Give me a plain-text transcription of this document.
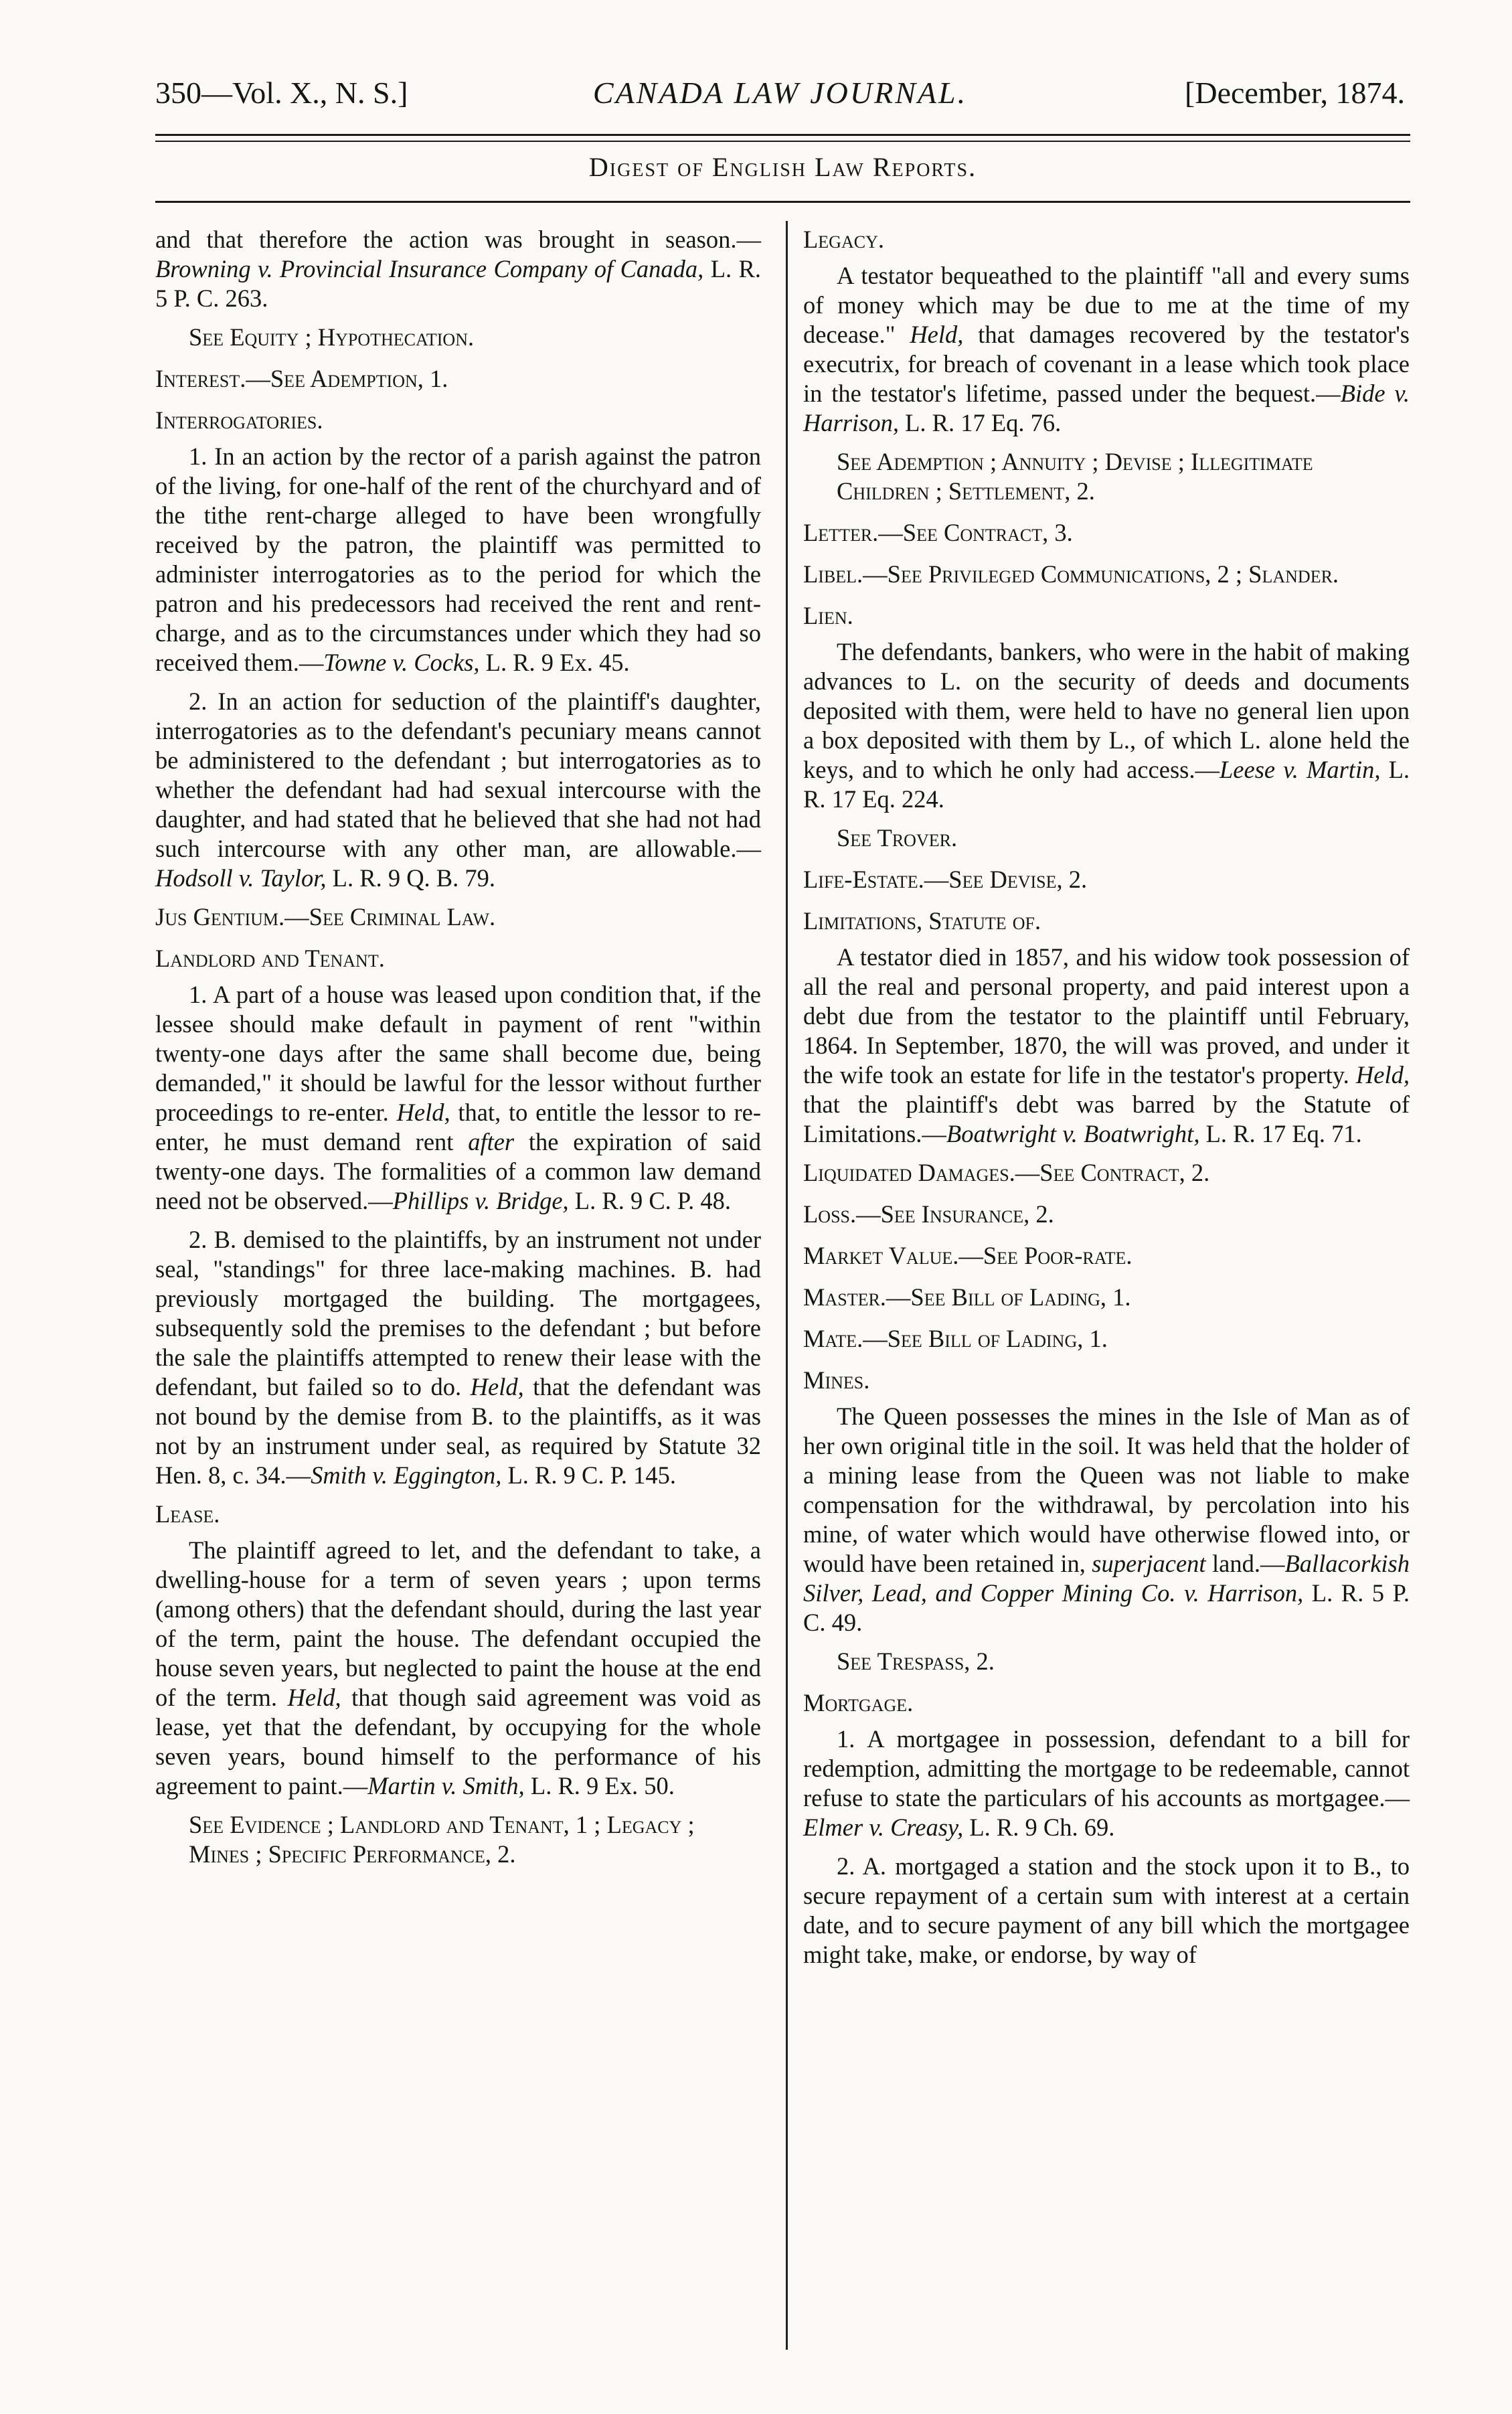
350—Vol. X., N. S.]	CANADA LAW JOURNAL.	[December, 1874.
Digest of English Law Reports.

and that therefore the action was brought in season.—Browning v. Provincial Insurance Company of Canada, L. R. 5 P. C. 263.

See Equity ; Hypothecation.

Interest.—See Ademption, 1.

Interrogatories.

1. In an action by the rector of a parish against the patron of the living, for one-half of the rent of the churchyard and of the tithe rent-charge alleged to have been wrongfully received by the patron, the plaintiff was permitted to administer interrogatories as to the period for which the patron and his predecessors had received the rent and rent-charge, and as to the circumstances under which they had so received them.—Towne v. Cocks, L. R. 9 Ex. 45.

2. In an action for seduction of the plaintiff's daughter, interrogatories as to the defendant's pecuniary means cannot be administered to the defendant ; but interrogatories as to whether the defendant had had sexual intercourse with the daughter, and had stated that he believed that she had not had such intercourse with any other man, are allowable.—Hodsoll v. Taylor, L. R. 9 Q. B. 79.

Jus Gentium.—See Criminal Law.

Landlord and Tenant.

1. A part of a house was leased upon condition that, if the lessee should make default in payment of rent "within twenty-one days after the same shall become due, being demanded," it should be lawful for the lessor without further proceedings to re-enter. Held, that, to entitle the lessor to re-enter, he must demand rent after the expiration of said twenty-one days. The formalities of a common law demand need not be observed.—Phillips v. Bridge, L. R. 9 C. P. 48.

2. B. demised to the plaintiffs, by an instrument not under seal, "standings" for three lace-making machines. B. had previously mortgaged the building. The mortgagees, subsequently sold the premises to the defendant ; but before the sale the plaintiffs attempted to renew their lease with the defendant, but failed so to do. Held, that the defendant was not bound by the demise from B. to the plaintiffs, as it was not by an instrument under seal, as required by Statute 32 Hen. 8, c. 34.—Smith v. Eggington, L. R. 9 C. P. 145.

Lease.

The plaintiff agreed to let, and the defendant to take, a dwelling-house for a term of seven years ; upon terms (among others) that the defendant should, during the last year of the term, paint the house. The defendant occupied the house seven years, but neglected to paint the house at the end of the term. Held, that though said agreement was void as lease, yet that the defendant, by occupying for the whole seven years, bound himself to the performance of his agreement to paint.—Martin v. Smith, L. R. 9 Ex. 50.

See Evidence ; Landlord and Tenant, 1 ; Legacy ; Mines ; Specific Performance, 2.

Legacy.

A testator bequeathed to the plaintiff "all and every sums of money which may be due to me at the time of my decease." Held, that damages recovered by the testator's executrix, for breach of covenant in a lease which took place in the testator's lifetime, passed under the bequest.—Bide v. Harrison, L. R. 17 Eq. 76.

See Ademption ; Annuity ; Devise ; Illegitimate Children ; Settlement, 2.

Letter.—See Contract, 3.

Libel.—See Privileged Communications, 2 ; Slander.

Lien.

The defendants, bankers, who were in the habit of making advances to L. on the security of deeds and documents deposited with them, were held to have no general lien upon a box deposited with them by L., of which L. alone held the keys, and to which he only had access.—Leese v. Martin, L. R. 17 Eq. 224.

See Trover.

Life-Estate.—See Devise, 2.

Limitations, Statute of.

A testator died in 1857, and his widow took possession of all the real and personal property, and paid interest upon a debt due from the testator to the plaintiff until February, 1864. In September, 1870, the will was proved, and under it the wife took an estate for life in the testator's property. Held, that the plaintiff's debt was barred by the Statute of Limitations.—Boatwright v. Boatwright, L. R. 17 Eq. 71.

Liquidated Damages.—See Contract, 2.

Loss.—See Insurance, 2.

Market Value.—See Poor-rate.

Master.—See Bill of Lading, 1.

Mate.—See Bill of Lading, 1.

Mines.

The Queen possesses the mines in the Isle of Man as of her own original title in the soil. It was held that the holder of a mining lease from the Queen was not liable to make compensation for the withdrawal, by percolation into his mine, of water which would have otherwise flowed into, or would have been retained in, superjacent land.—Ballacorkish Silver, Lead, and Copper Mining Co. v. Harrison, L. R. 5 P. C. 49.

See Trespass, 2.

Mortgage.

1. A mortgagee in possession, defendant to a bill for redemption, admitting the mortgage to be redeemable, cannot refuse to state the particulars of his accounts as mortgagee.—Elmer v. Creasy, L. R. 9 Ch. 69.

2. A. mortgaged a station and the stock upon it to B., to secure repayment of a certain sum with interest at a certain date, and to secure payment of any bill which the mortgagee might take, make, or endorse, by way of
